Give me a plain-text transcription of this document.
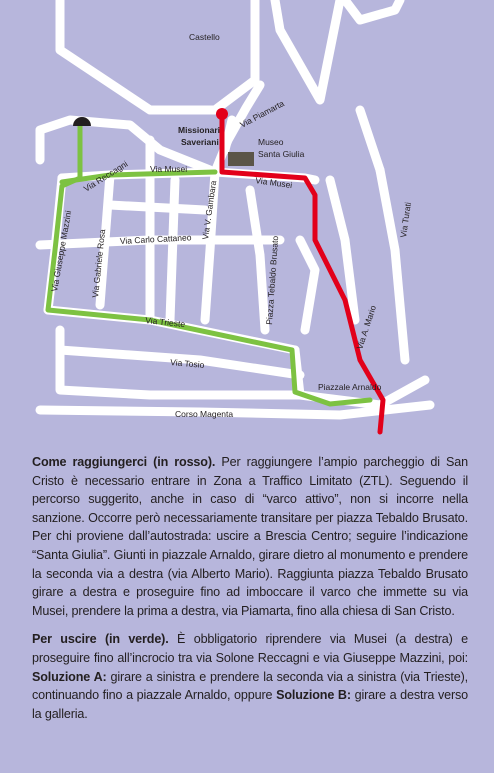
Castello
Missionari
Saveriani	Museo
Santa Giulia
Piazzale Arnaldo
Via Piamarta
Via Musei
Via Musei
Via Reccagni
Via V. Gambara
Via Carlo Cattaneo
Via Gabriele Rosa
Via Giuseppe Mazzini	Piazza Tebaldo Brusato
Via Turati
Via A. Mario
Via Trieste
Via Tosio
Corso Magenta

Come raggiungerci (in rosso). Per raggiungere l’ampio parcheggio di San Cristo è necessario entrare in Zona a Traffico Limitato (ZTL). Seguendo il percorso suggerito, anche in caso di “varco attivo”, non si incorre nella sanzione. Occorre però necessariamente transitare per piazza Tebaldo Brusato. Per chi proviene dall’autostrada: uscire a Brescia Centro; seguire l’indicazione “Santa Giulia”. Giunti in piazzale Arnaldo, girare dietro al monumento e prendere la seconda via a destra (via Alberto Mario). Raggiunta piazza Tebaldo Brusato girare a destra e proseguire fino ad imboccare il varco che immette su via Musei, prendere la prima a destra, via Piamarta, fino alla chiesa di San Cristo.

Per uscire (in verde). È obbligatorio riprendere via Musei (a destra) e proseguire fino all’incrocio tra via Solone Reccagni e via Giuseppe Mazzini, poi: Soluzione A: girare a sinistra e prendere la seconda via a sinistra (via Trieste), continuando fino a piazzale Arnaldo, oppure Soluzione B: girare a destra verso la galleria.
